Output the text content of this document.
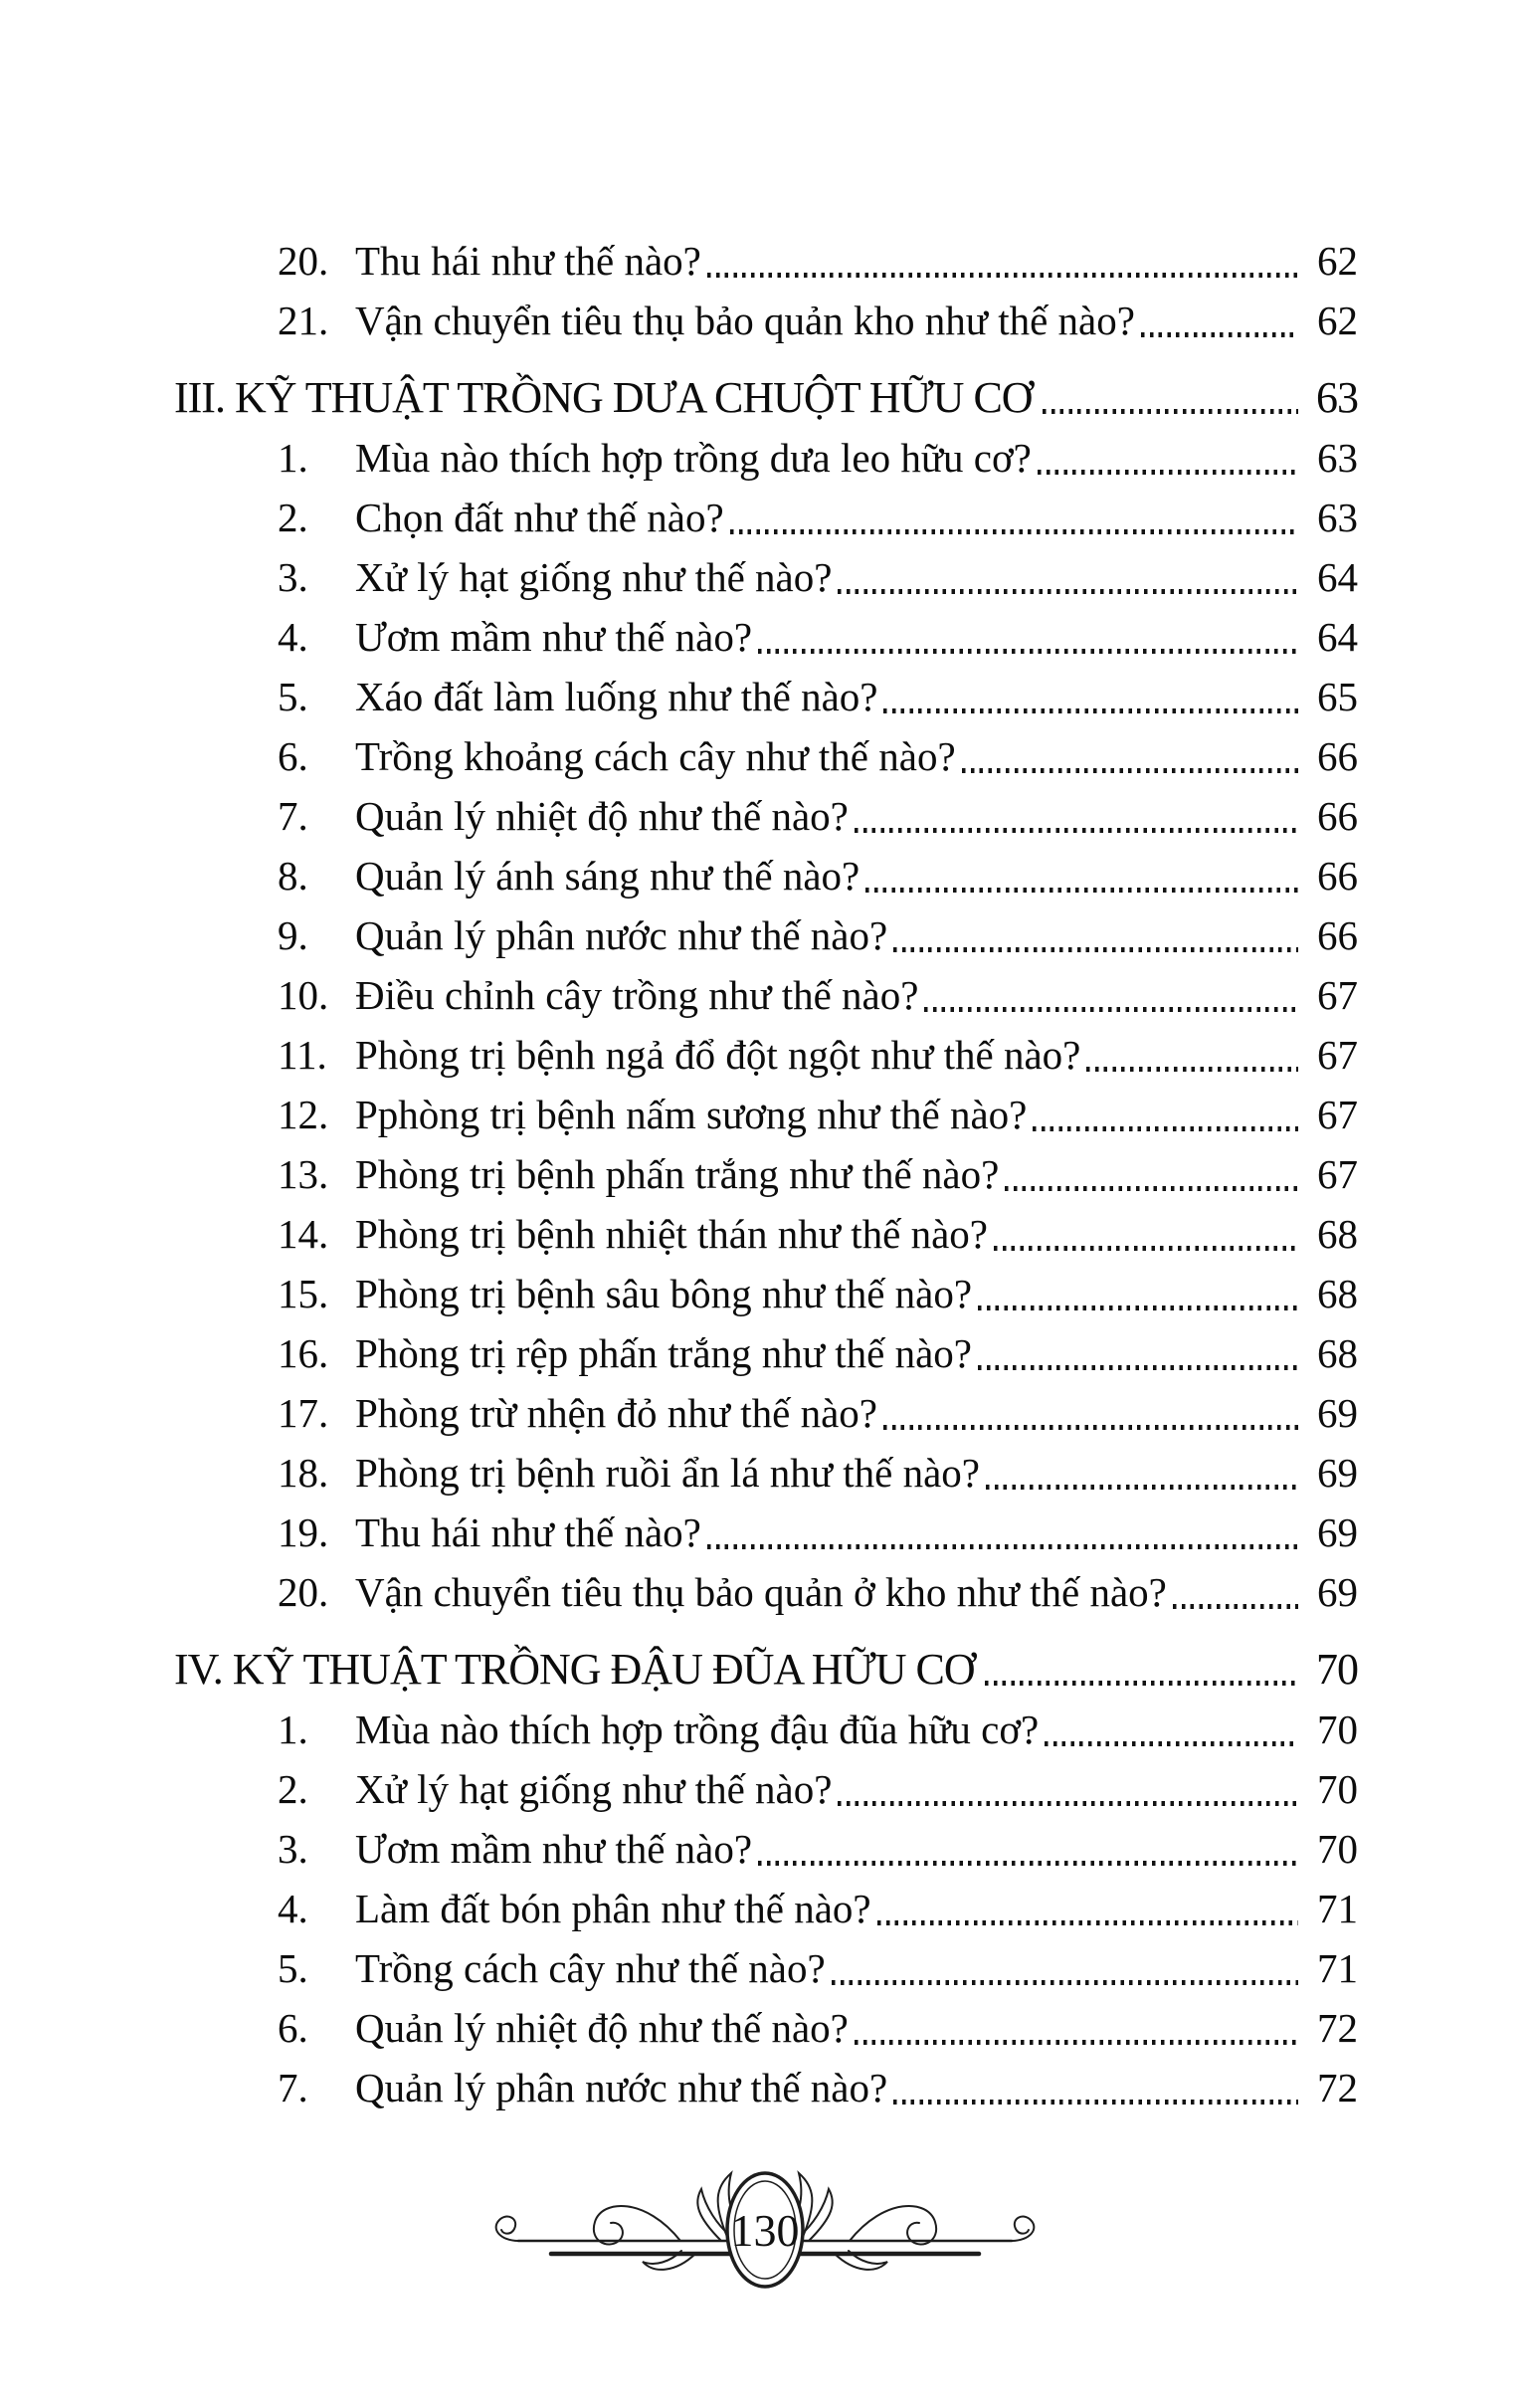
20. Thu hái như thế nào?	62
21. Vận chuyển tiêu thụ bảo quản kho như thế nào?	62
III. KỸ THUẬT TRỒNG DƯA CHUỘT HỮU CƠ	63
1.	Mùa nào thích hợp trồng dưa leo hữu cơ?	63
2.	Chọn đất như thế nào?	63
3.	Xử lý hạt giống như thế nào?	64
4.	Ươm mầm như thế nào?	64
5.	Xáo đất làm luống như thế nào?	65
6.	Trồng khoảng cách cây như thế nào?	66
7.	Quản lý nhiệt độ như thế nào?	66
8.	Quản lý ánh sáng như thế nào?	66
9.	Quản lý phân nước như thế nào?	66
10. Điều chỉnh cây trồng như thế nào?	67
11. Phòng trị bệnh ngả đổ đột ngột như thế nào?	67
12. Pphòng trị bệnh nấm sương như thế nào?	67
13. Phòng trị bệnh phấn trắng như thế nào?	67
14. Phòng trị bệnh nhiệt thán như thế nào?	68
15. Phòng trị bệnh sâu bông như thế nào?	68
16. Phòng trị rệp phấn trắng như thế nào?	68
17. Phòng trừ nhện đỏ như thế nào?	69
18. Phòng trị bệnh ruồi ẩn lá như thế nào?	69
19. Thu hái như thế nào?	69
20. Vận chuyển tiêu thụ bảo quản ở kho như thế nào?	69
IV. KỸ THUẬT TRỒNG ĐẬU ĐŨA HỮU CƠ	70
1.	Mùa nào thích hợp trồng đậu đũa hữu cơ?	70
2.	Xử lý hạt giống như thế nào?	70
3.	Ươm mầm như thế nào?	70
4.	Làm đất bón phân như thế nào?	71
5.	Trồng cách cây như thế nào?	71
6.	Quản lý nhiệt độ như thế nào?	72
7.	Quản lý phân nước như thế nào?	72
130
